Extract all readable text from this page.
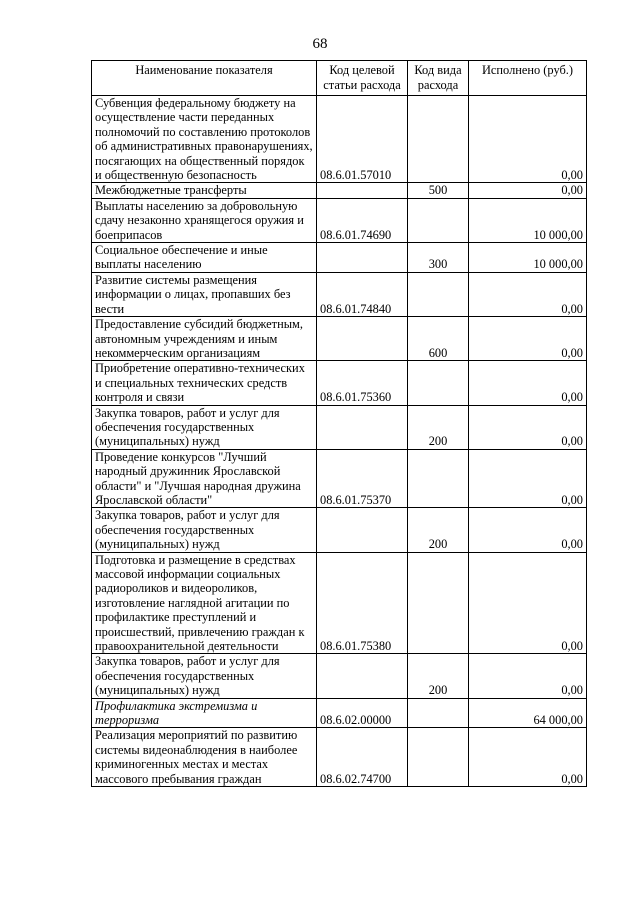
68
Наименование показателя	Код целевой статьи расхода	Код вида расхода	Исполнено (руб.)
Субвенция федеральному бюджету на осуществление части переданных полномочий по составлению протоколов об административных правонарушениях, посягающих на общественный порядок и общественную безопасность	08.6.01.57010		0,00
Межбюджетные трансферты		500	0,00
Выплаты населению за добровольную сдачу незаконно хранящегося оружия и боеприпасов	08.6.01.74690		10 000,00
Социальное обеспечение и иные выплаты населению		300	10 000,00
Развитие системы размещения информации о лицах, пропавших без вести	08.6.01.74840		0,00
Предоставление субсидий бюджетным, автономным учреждениям и иным некоммерческим организациям		600	0,00
Приобретение оперативно-технических и специальных технических средств контроля и связи	08.6.01.75360		0,00
Закупка товаров, работ и услуг для обеспечения государственных (муниципальных) нужд		200	0,00
Проведение конкурсов "Лучший народный дружинник Ярославской области" и "Лучшая народная дружина Ярославской области"	08.6.01.75370		0,00
Закупка товаров, работ и услуг для обеспечения государственных (муниципальных) нужд		200	0,00
Подготовка и размещение в средствах массовой информации социальных радиороликов и видеороликов, изготовление наглядной агитации по профилактике преступлений и происшествий, привлечению граждан к правоохранительной деятельности	08.6.01.75380		0,00
Закупка товаров, работ и услуг для обеспечения государственных (муниципальных) нужд		200	0,00
Профилактика экстремизма и терроризма	08.6.02.00000		64 000,00
Реализация мероприятий по развитию системы видеонаблюдения в наиболее криминогенных местах и местах массового пребывания граждан	08.6.02.74700		0,00
